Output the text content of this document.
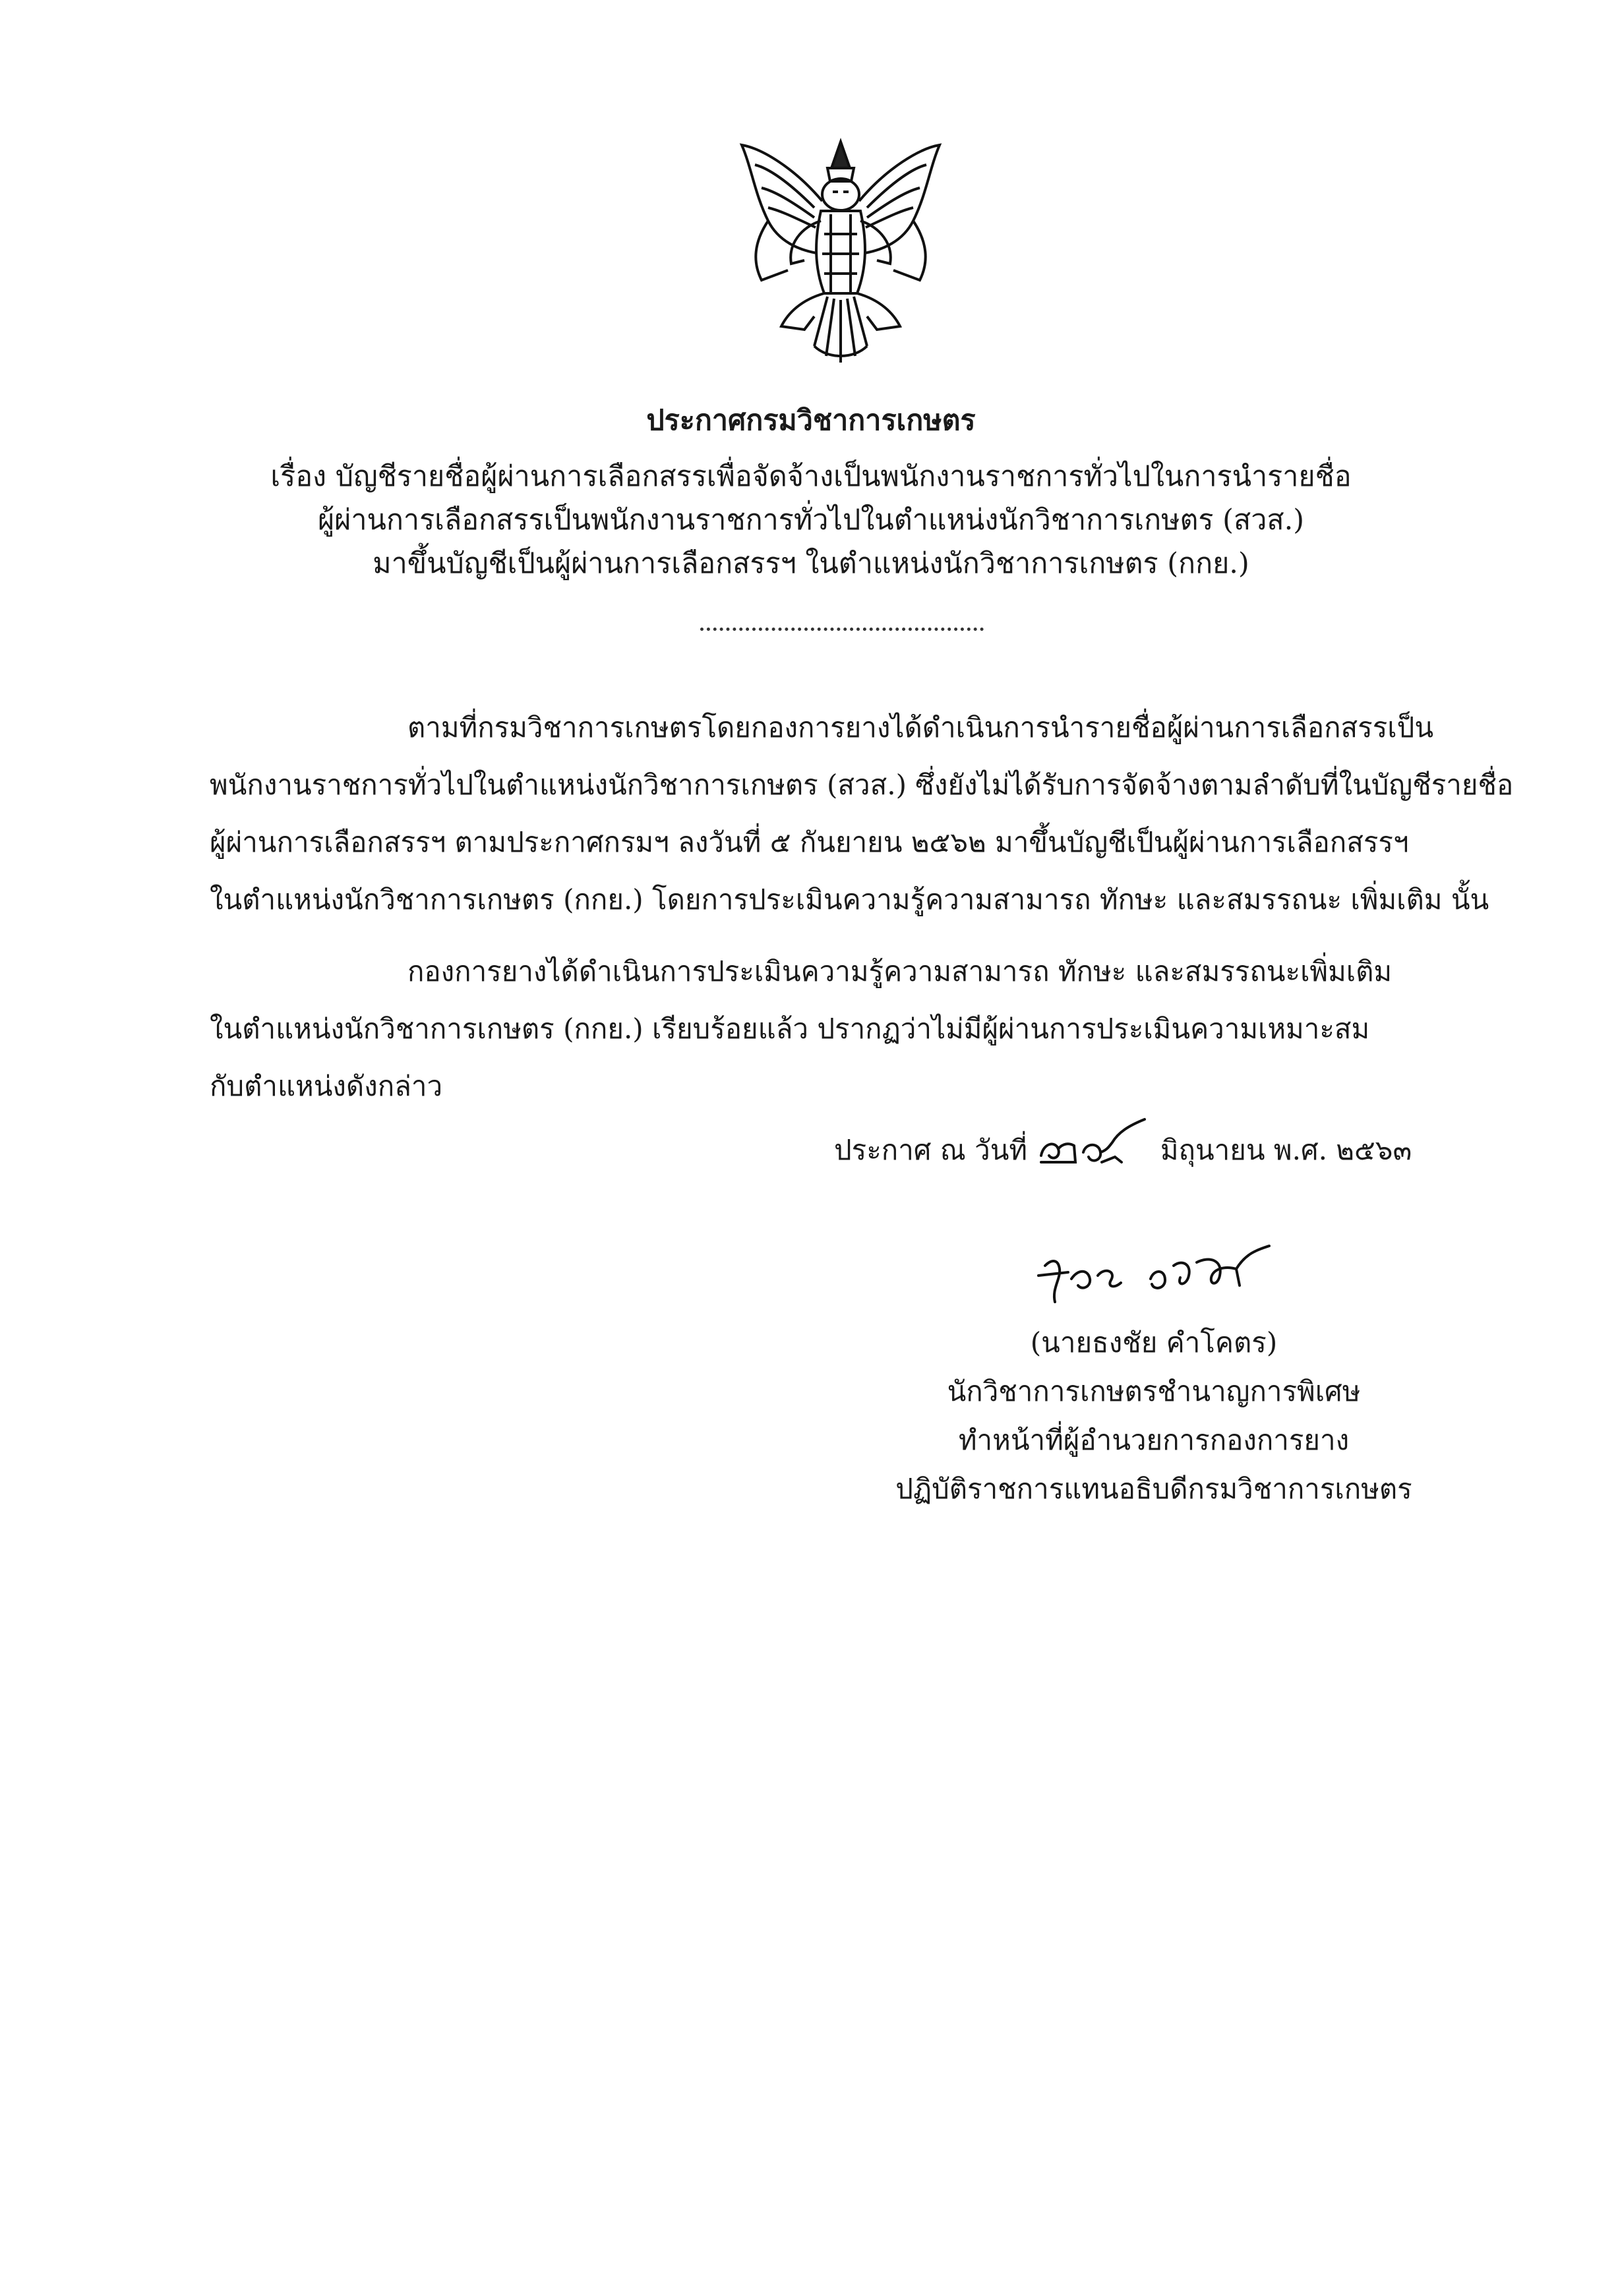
ประกาศกรมวิชาการเกษตร
เรื่อง บัญชีรายชื่อผู้ผ่านการเลือกสรรเพื่อจัดจ้างเป็นพนักงานราชการทั่วไปในการนำรายชื่อ
ผู้ผ่านการเลือกสรรเป็นพนักงานราชการทั่วไปในตำแหน่งนักวิชาการเกษตร (สวส.)
มาขึ้นบัญชีเป็นผู้ผ่านการเลือกสรรฯ ในตำแหน่งนักวิชาการเกษตร (กกย.)
ตามที่กรมวิชาการเกษตรโดยกองการยางได้ดำเนินการนำรายชื่อผู้ผ่านการเลือกสรรเป็น
พนักงานราชการทั่วไปในตำแหน่งนักวิชาการเกษตร (สวส.) ซึ่งยังไม่ได้รับการจัดจ้างตามลำดับที่ในบัญชีรายชื่อ
ผู้ผ่านการเลือกสรรฯ ตามประกาศกรมฯ ลงวันที่ ๕ กันยายน ๒๕๖๒ มาขึ้นบัญชีเป็นผู้ผ่านการเลือกสรรฯ
ในตำแหน่งนักวิชาการเกษตร (กกย.) โดยการประเมินความรู้ความสามารถ ทักษะ และสมรรถนะ เพิ่มเติม นั้น
กองการยางได้ดำเนินการประเมินความรู้ความสามารถ ทักษะ และสมรรถนะเพิ่มเติม
ในตำแหน่งนักวิชาการเกษตร (กกย.) เรียบร้อยแล้ว ปรากฏว่าไม่มีผู้ผ่านการประเมินความเหมาะสม
กับตำแหน่งดังกล่าว
ประกาศ ณ วันที่	มิถุนายน พ.ศ. ๒๕๖๓
(นายธงชัย คำโคตร)
นักวิชาการเกษตรชำนาญการพิเศษ
ทำหน้าที่ผู้อำนวยการกองการยาง
ปฏิบัติราชการแทนอธิบดีกรมวิชาการเกษตร
